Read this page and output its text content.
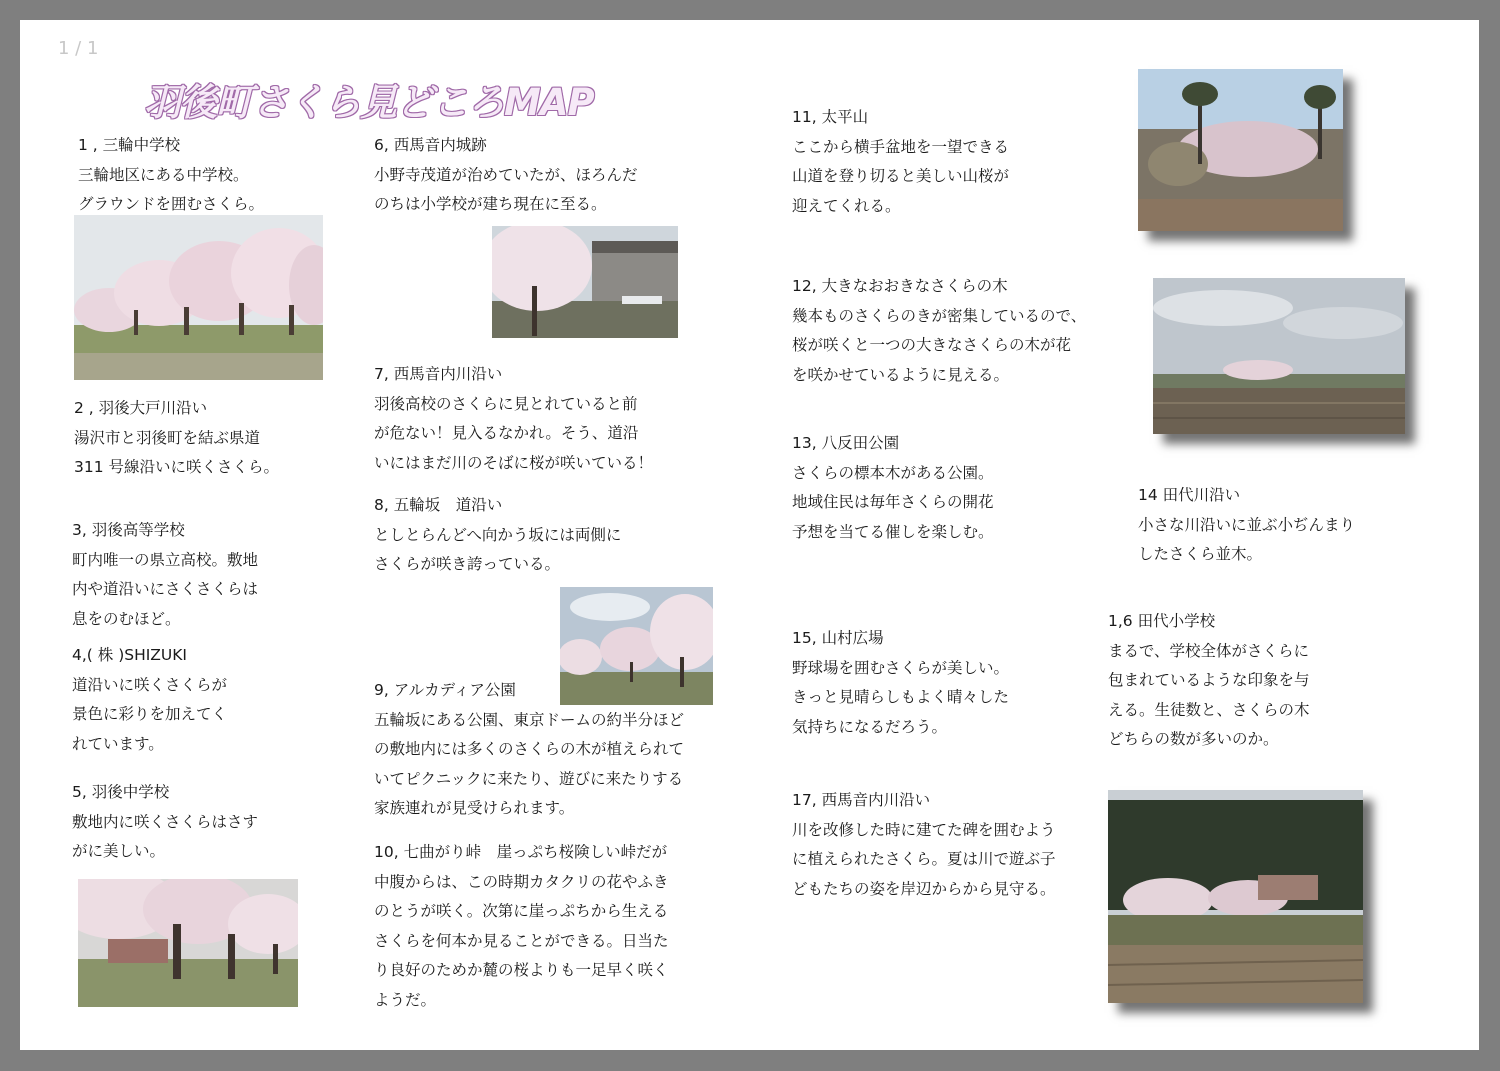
1 / 1
羽後町さくら見どころMAP
1 , 三輪中学校
三輪地区にある中学校。
グラウンドを囲むさくら。
2 , 羽後大戸川沿い
湯沢市と羽後町を結ぶ県道
311 号線沿いに咲くさくら。
3, 羽後高等学校
町内唯一の県立高校。敷地
内や道沿いにさくさくらは
息をのむほど。
4,( 株 )SHIZUKI
道沿いに咲くさくらが
景色に彩りを加えてく
れています。
5, 羽後中学校
敷地内に咲くさくらはさす
がに美しい。
6, 西馬音内城跡
小野寺茂道が治めていたが、ほろんだ
のちは小学校が建ち現在に至る。
7, 西馬音内川沿い
羽後高校のさくらに見とれていると前
が危ない！見入るなかれ。そう、道沿
いにはまだ川のそばに桜が咲いている！
8, 五輪坂　道沿い
としとらんどへ向かう坂には両側に
さくらが咲き誇っている。
9, アルカディア公園
五輪坂にある公園、東京ドームの約半分ほど
の敷地内には多くのさくらの木が植えられて
いてピクニックに来たり、遊びに来たりする
家族連れが見受けられます。
10, 七曲がり峠　崖っぷち桜険しい峠だが
中腹からは、この時期カタクリの花やふき
のとうが咲く。次第に崖っぷちから生える
さくらを何本か見ることができる。日当た
り良好のためか麓の桜よりも一足早く咲く
ようだ。
11, 太平山
ここから横手盆地を一望できる
山道を登り切ると美しい山桜が
迎えてくれる。
12, 大きなおおきなさくらの木
幾本ものさくらのきが密集しているので、
桜が咲くと一つの大きなさくらの木が花
を咲かせているように見える。
13, 八反田公園
さくらの標本木がある公園。
地域住民は毎年さくらの開花
予想を当てる催しを楽しむ。
14 田代川沿い
小さな川沿いに並ぶ小ぢんまり
したさくら並木。
15, 山村広場
野球場を囲むさくらが美しい。
きっと見晴らしもよく晴々した
気持ちになるだろう。
1,6 田代小学校
まるで、学校全体がさくらに
包まれているような印象を与
える。生徒数と、さくらの木
どちらの数が多いのか。
17, 西馬音内川沿い
川を改修した時に建てた碑を囲むよう
に植えられたさくら。夏は川で遊ぶ子
どもたちの姿を岸辺からから見守る。
